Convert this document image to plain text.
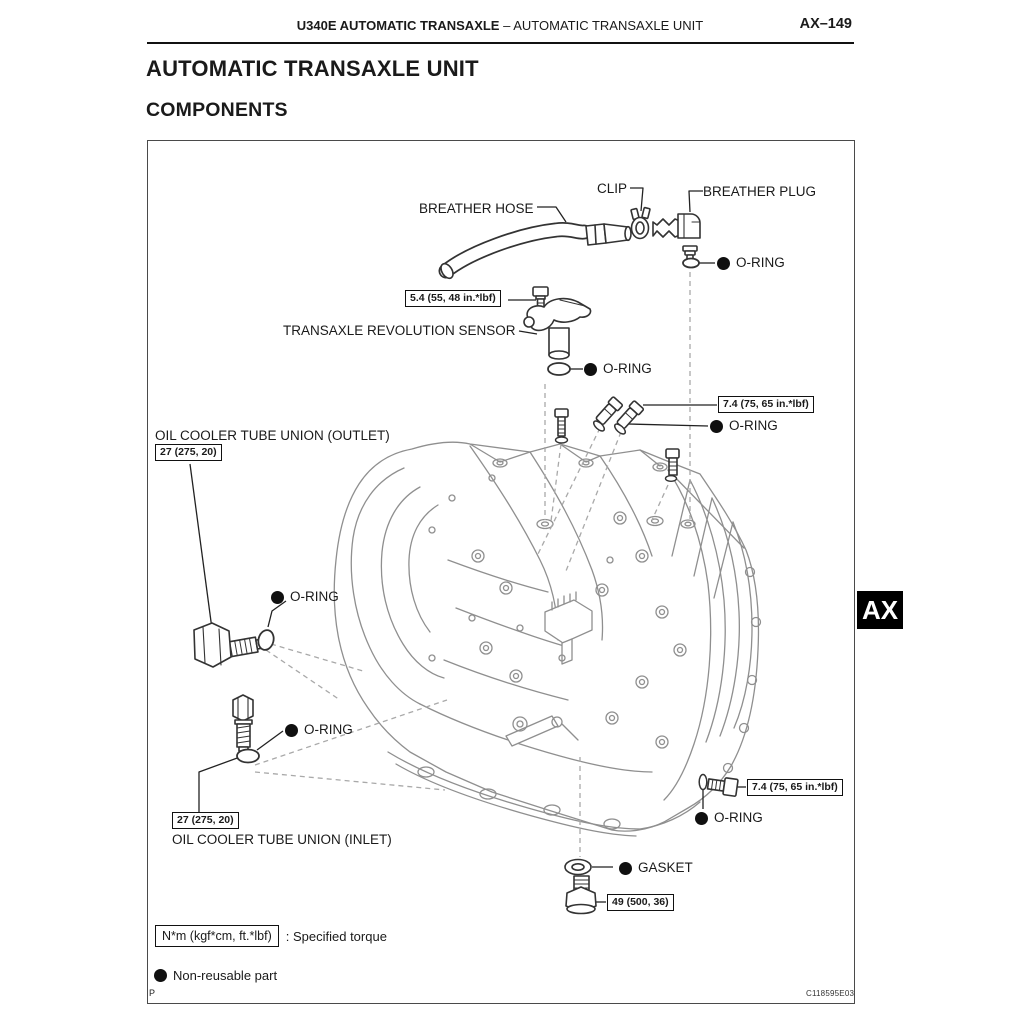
U340E AUTOMATIC TRANSAXLE – AUTOMATIC TRANSAXLE UNIT	AX–149
AUTOMATIC TRANSAXLE UNIT
COMPONENTS
BREATHER HOSE
CLIP	BREATHER PLUG
O-RING
5.4 (55, 48 in.*lbf)
TRANSAXLE REVOLUTION SENSOR
O-RING
7.4 (75, 65 in.*lbf)
O-RING
OIL COOLER TUBE UNION (OUTLET)
27 (275, 20)
O-RING
O-RING
27 (275, 20)
OIL COOLER TUBE UNION (INLET)
7.4 (75, 65 in.*lbf)
O-RING
GASKET
49 (500, 36)
N*m (kgf*cm, ft.*lbf)	: Specified torque
Non-reusable part
P	C118595E03
AX
